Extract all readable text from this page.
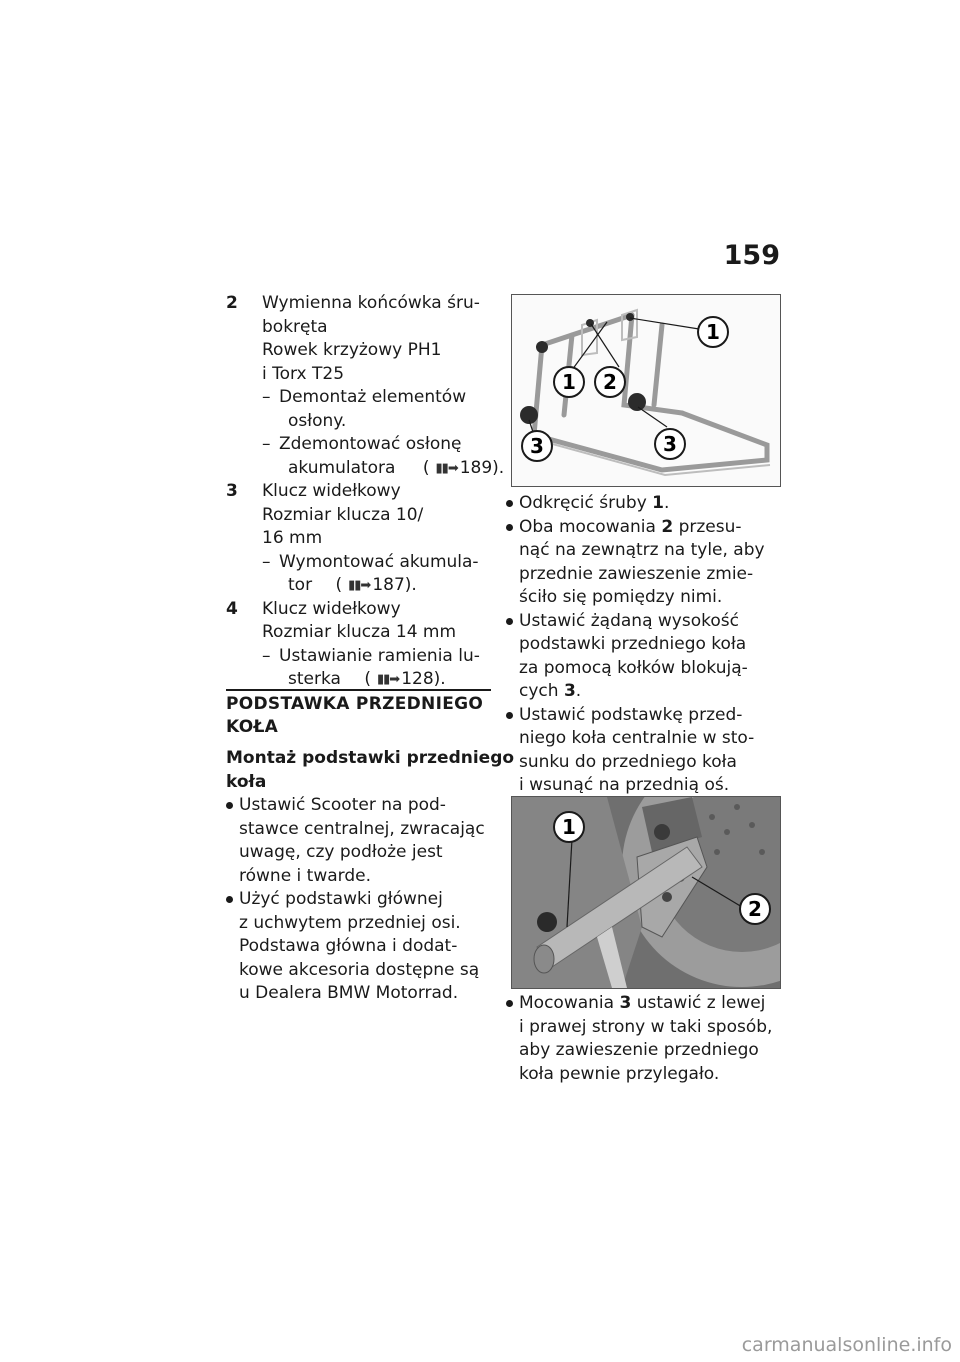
159
2	Wymienna końcówka śru-
bokręta
Rowek krzyżowy PH1
i Torx T25
– Demontaż elementów
osłony.
– Zdemontować osłonę
akumulatora ( ▮▮➡ 189).
3	Klucz widełkowy
Rozmiar klucza 10/
16 mm
– Wymontować akumula-
tor ( ▮▮➡ 187).
4	Klucz widełkowy
Rozmiar klucza 14 mm
– Ustawianie ramienia lu-
sterka ( ▮▮➡ 128).
PODSTAWKA PRZEDNIEGO
KOŁA
Montaż podstawki przedniego
koła
Ustawić Scooter na pod-
stawce centralnej, zwracając
uwagę, czy podłoże jest
równe i twarde.
Użyć podstawki głównej
z uchwytem przedniej osi.
Podstawa główna i dodat-
kowe akcesoria dostępne są
u Dealera BMW Motorrad.
1
1 2
3	3
Odkręcić śruby 1.
Oba mocowania 2 przesu-
nąć na zewnątrz na tyle, aby
przednie zawieszenie zmie-
ściło się pomiędzy nimi.
Ustawić żądaną wysokość
podstawki przedniego koła
za pomocą kołków blokują-
cych 3.
Ustawić podstawkę przed-
niego koła centralnie w sto-
sunku do przedniego koła
i wsunąć na przednią oś.
1
2
Mocowania 3 ustawić z lewej
i prawej strony w taki sposób,
aby zawieszenie przedniego
koła pewnie przylegało.
carmanualsonline.info
